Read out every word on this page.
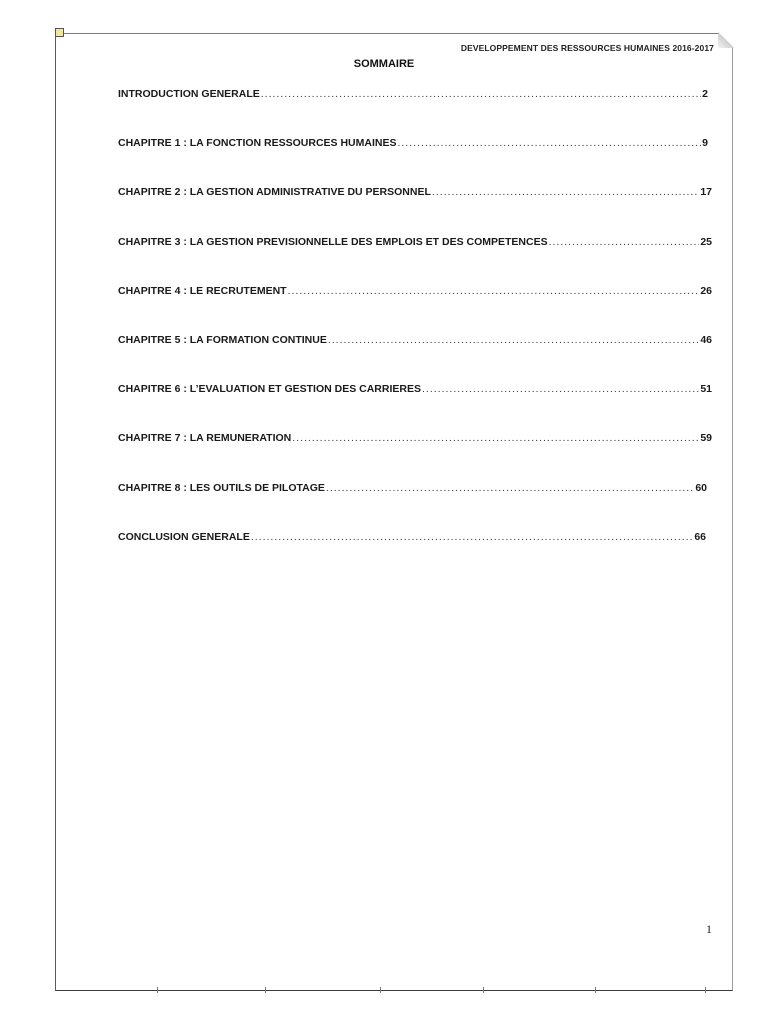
DEVELOPPEMENT DES RESSOURCES HUMAINES 2016-2017
SOMMAIRE
INTRODUCTION GENERALE .....	2
CHAPITRE 1 : LA FONCTION RESSOURCES HUMAINES .....	9
CHAPITRE 2 : LA GESTION ADMINISTRATIVE DU PERSONNEL .....	17
CHAPITRE 3 : LA GESTION PREVISIONNELLE DES EMPLOIS ET DES COMPETENCES .....	25
CHAPITRE 4 : LE RECRUTEMENT .....	26
CHAPITRE 5 : LA FORMATION CONTINUE .....	46
CHAPITRE 6 : L’EVALUATION ET GESTION DES CARRIERES .....	51
CHAPITRE 7 : LA REMUNERATION .....	59
CHAPITRE 8 : LES OUTILS DE PILOTAGE .....	60
CONCLUSION GENERALE .....	66
1
